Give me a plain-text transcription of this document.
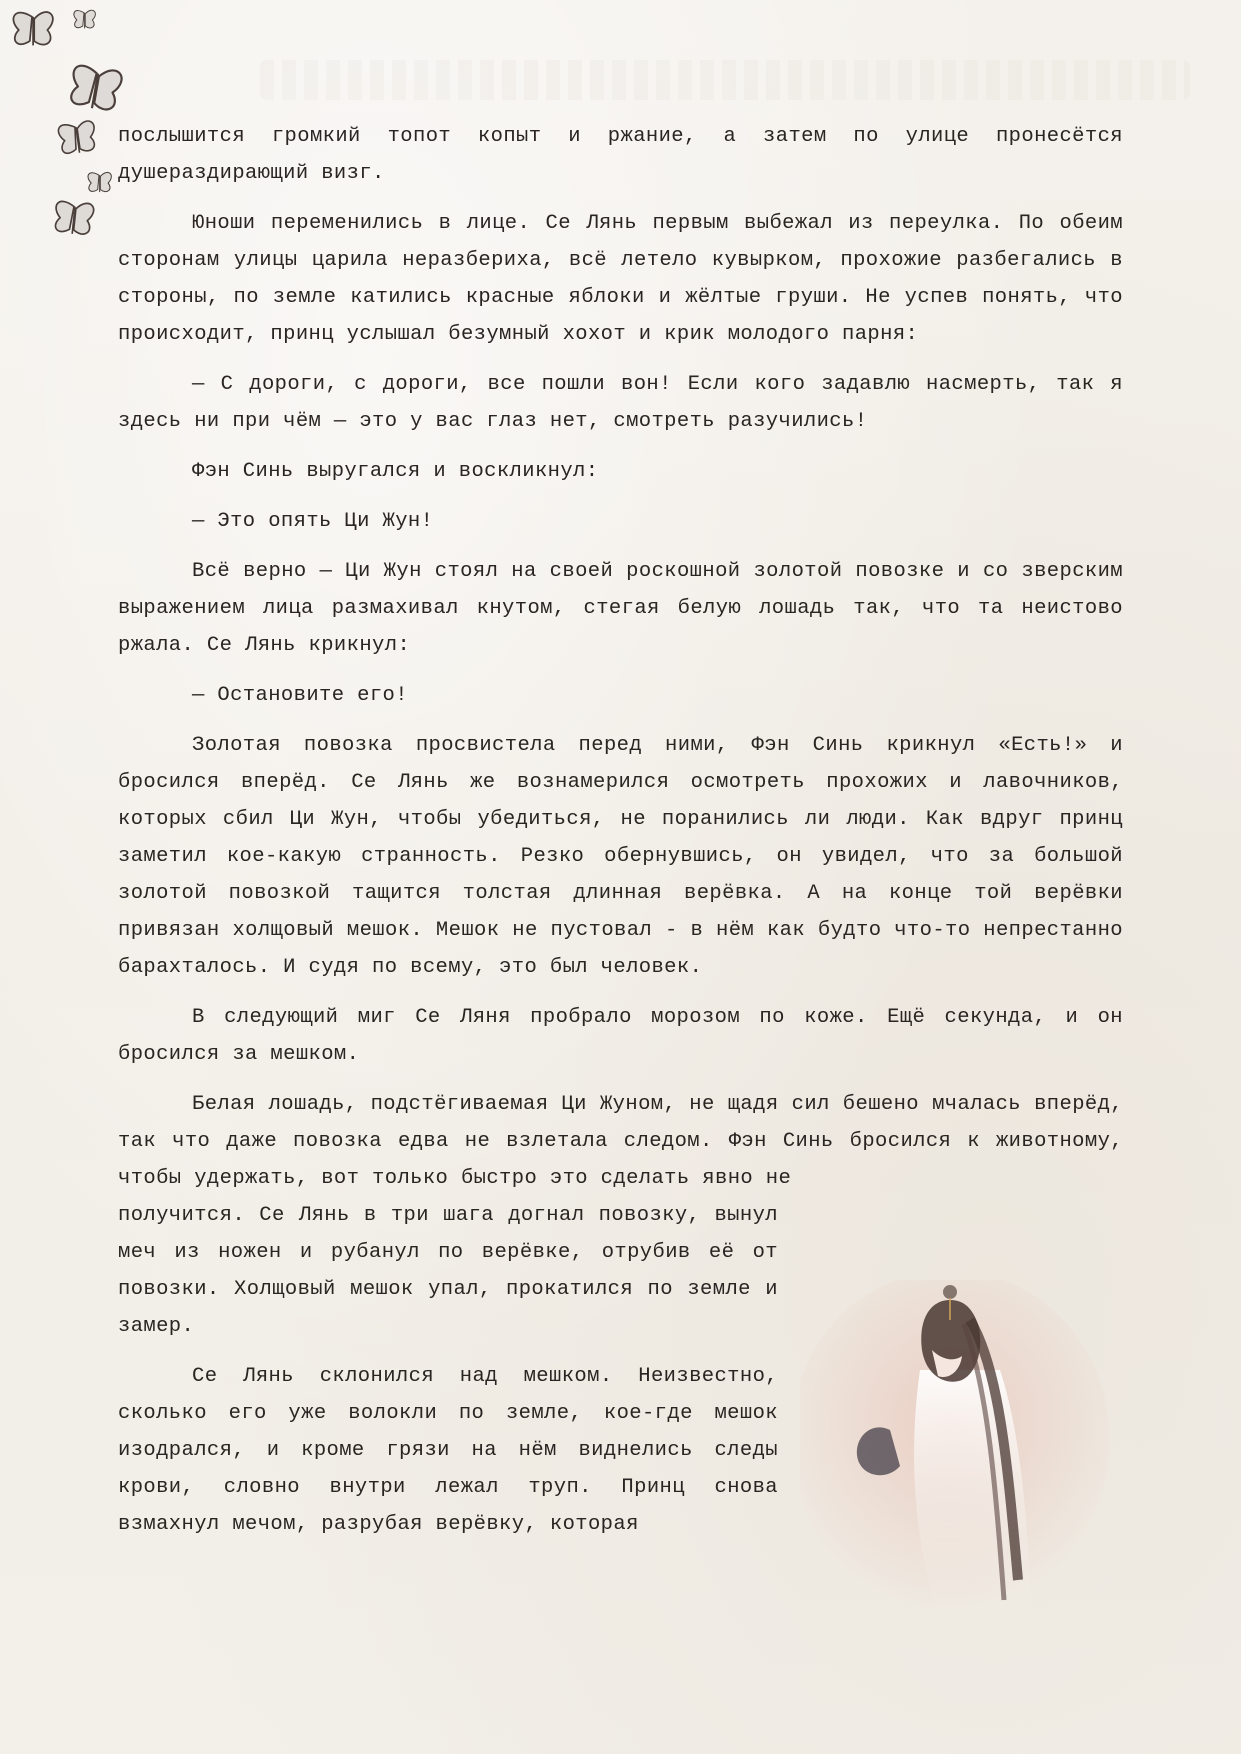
послышится громкий топот копыт и ржание, а затем по улице пронесётся душераздирающий визг.

Юноши переменились в лице. Се Лянь первым выбежал из переулка. По обеим сторонам улицы царила неразбериха, всё летело кувырком, прохожие разбегались в стороны, по земле катились красные яблоки и жёлтые груши. Не успев понять, что происходит, принц услышал безумный хохот и крик молодого парня:

— С дороги, с дороги, все пошли вон! Если кого задавлю насмерть, так я здесь ни при чём — это у вас глаз нет, смотреть разучились!

Фэн Синь выругался и воскликнул:

— Это опять Ци Жун!

Всё верно — Ци Жун стоял на своей роскошной золотой повозке и со зверским выражением лица размахивал кнутом, стегая белую лошадь так, что та неистово ржала. Се Лянь крикнул:

— Остановите его!

Золотая повозка просвистела перед ними, Фэн Синь крикнул «Есть!» и бросился вперёд. Се Лянь же вознамерился осмотреть прохожих и лавочников, которых сбил Ци Жун, чтобы убедиться, не поранились ли люди. Как вдруг принц заметил кое-какую странность. Резко обернувшись, он увидел, что за большой золотой повозкой тащится толстая длинная верёвка. А на конце той верёвки привязан холщовый мешок. Мешок не пустовал - в нём как будто что-то непрестанно барахталось. И судя по всему, это был человек.

В следующий миг Се Ляня пробрало морозом по коже. Ещё секунда, и он бросился за мешком.

Белая лошадь, подстёгиваемая Ци Жуном, не щадя сил бешено мчалась вперёд, так что даже повозка едва не взлетала следом. Фэн Синь бросился к животному, чтобы удержать, вот только быстро это сделать явно не

получится. Се Лянь в три шага догнал повозку, вынул меч из ножен и рубанул по верёвке, отрубив её от повозки. Холщовый мешок упал, прокатился по земле и замер.

Се Лянь склонился над мешком. Неизвестно, сколько его уже волокли по земле, кое-где мешок изодрался, и кроме грязи на нём виднелись следы крови, словно внутри лежал труп. Принц снова взмахнул мечом, разрубая верёвку, которая
